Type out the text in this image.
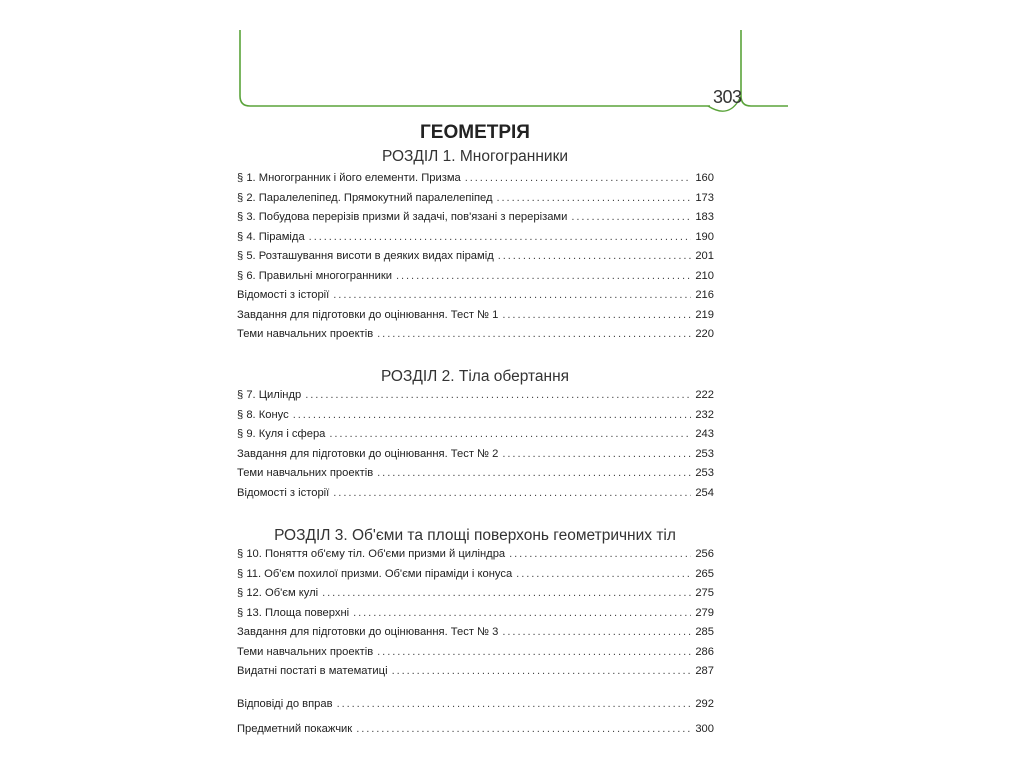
303
ГЕОМЕТРІЯ
РОЗДІЛ 1. Многогранники
§ 1. Многогранник і його елементи. Призма . . .	160
§ 2. Паралелепіпед. Прямокутний паралелепіпед . . .	173
§ 3. Побудова перерізів призми й задачі, пов'язані з перерізами . . .	183
§ 4. Піраміда . . .	190
§ 5. Розташування висоти в деяких видах пірамід . . .	201
§ 6. Правильні многогранники . . .	210
Відомості з історії . . .	216
Завдання для підготовки до оцінювання. Тест № 1 . . .	219
Теми навчальних проектів . . .	220
РОЗДІЛ 2. Тіла обертання
§ 7. Циліндр . . .	222
§ 8. Конус . . .	232
§ 9. Куля і сфера . . .	243
Завдання для підготовки до оцінювання. Тест № 2 . . .	253
Теми навчальних проектів . . .	253
Відомості з історії . . .	254
РОЗДІЛ 3. Об'єми та площі поверхонь геометричних тіл
§ 10. Поняття об'єму тіл. Об'єми призми й циліндра . . .	256
§ 11. Об'єм похилої призми. Об'єми піраміди і конуса . . .	265
§ 12. Об'єм кулі . . .	275
§ 13. Площа поверхні . . .	279
Завдання для підготовки до оцінювання. Тест № 3 . . .	285
Теми навчальних проектів . . .	286
Видатні постаті в математиці . . .	287
Відповіді до вправ . . .	292
Предметний покажчик . . .	300
